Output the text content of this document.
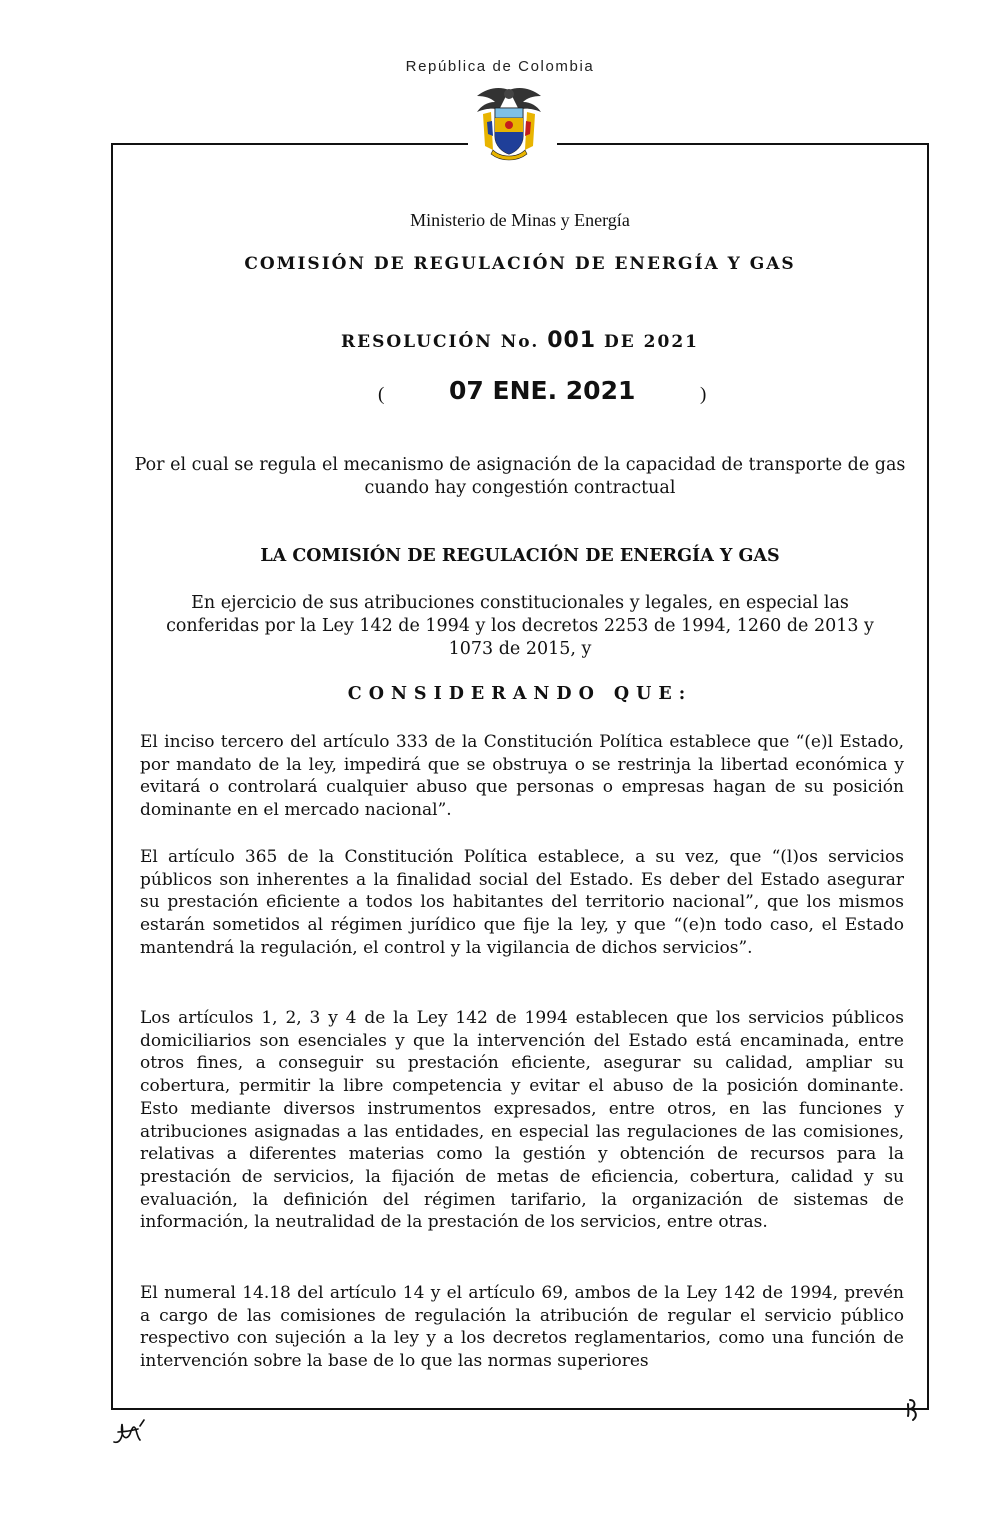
República de Colombia
Ministerio de Minas y Energía
COMISIÓN DE REGULACIÓN DE ENERGÍA Y GAS
RESOLUCIÓN No. 001 DE 2021
(	07 ENE. 2021	)
Por el cual se regula el mecanismo de asignación de la capacidad de transporte de gas cuando hay congestión contractual
LA COMISIÓN DE REGULACIÓN DE ENERGÍA Y GAS
En ejercicio de sus atribuciones constitucionales y legales, en especial las conferidas por la Ley 142 de 1994 y los decretos 2253 de 1994, 1260 de 2013 y 1073 de 2015, y
CONSIDERANDO QUE:

El inciso tercero del artículo 333 de la Constitución Política establece que “(e)l Estado, por mandato de la ley, impedirá que se obstruya o se restrinja la libertad económica y evitará o controlará cualquier abuso que personas o empresas hagan de su posición dominante en el mercado nacional”.

El artículo 365 de la Constitución Política establece, a su vez, que “(l)os servicios públicos son inherentes a la finalidad social del Estado. Es deber del Estado asegurar su prestación eficiente a todos los habitantes del territorio nacional”, que los mismos estarán sometidos al régimen jurídico que fije la ley, y que “(e)n todo caso, el Estado mantendrá la regulación, el control y la vigilancia de dichos servicios”.

Los artículos 1, 2, 3 y 4 de la Ley 142 de 1994 establecen que los servicios públicos domiciliarios son esenciales y que la intervención del Estado está encaminada, entre otros fines, a conseguir su prestación eficiente, asegurar su calidad, ampliar su cobertura, permitir la libre competencia y evitar el abuso de la posición dominante. Esto mediante diversos instrumentos expresados, entre otros, en las funciones y atribuciones asignadas a las entidades, en especial las regulaciones de las comisiones, relativas a diferentes materias como la gestión y obtención de recursos para la prestación de servicios, la fijación de metas de eficiencia, cobertura, calidad y su evaluación, la definición del régimen tarifario, la organización de sistemas de información, la neutralidad de la prestación de los servicios, entre otras.

El numeral 14.18 del artículo 14 y el artículo 69, ambos de la Ley 142 de 1994, prevén a cargo de las comisiones de regulación la atribución de regular el servicio público respectivo con sujeción a la ley y a los decretos reglamentarios, como una función de intervención sobre la base de lo que las normas superiores
